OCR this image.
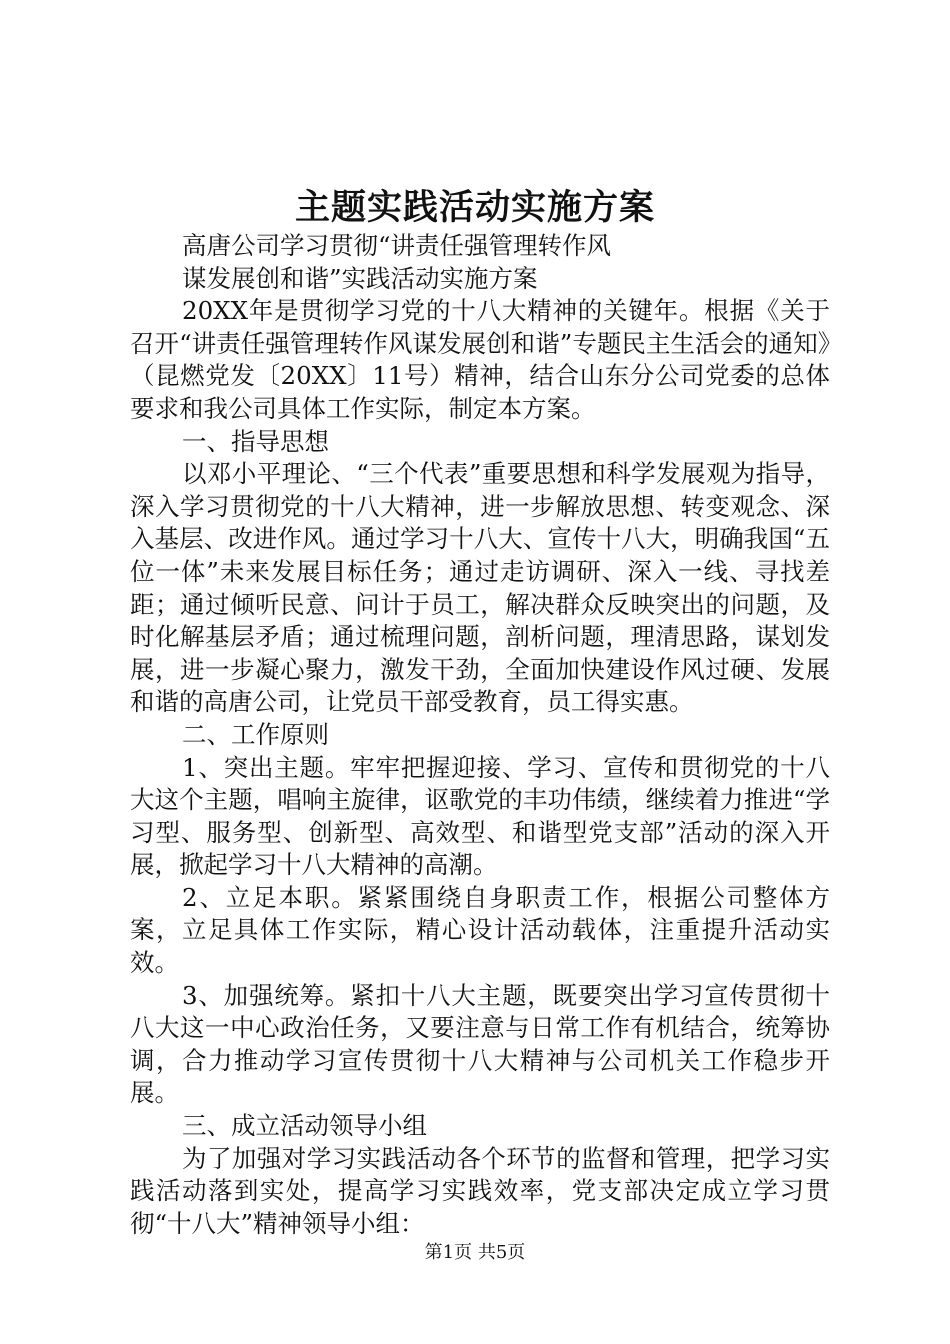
主题实践活动实施方案

高唐公司学习贯彻“讲责任强管理转作风

谋发展创和谐”实践活动实施方案

20XX年是贯彻学习党的十八大精神的关键年。根据《关于召开“讲责任强管理转作风谋发展创和谐”专题民主生活会的通知》（昆燃党发〔20XX〕11号）精神，结合山东分公司党委的总体要求和我公司具体工作实际，制定本方案。

一、指导思想

以邓小平理论、“三个代表”重要思想和科学发展观为指导，深入学习贯彻党的十八大精神，进一步解放思想、转变观念、深入基层、改进作风。通过学习十八大、宣传十八大，明确我国“五位一体”未来发展目标任务；通过走访调研、深入一线、寻找差距；通过倾听民意、问计于员工，解决群众反映突出的问题，及时化解基层矛盾；通过梳理问题，剖析问题，理清思路，谋划发展，进一步凝心聚力，激发干劲，全面加快建设作风过硬、发展和谐的高唐公司，让党员干部受教育，员工得实惠。

二、工作原则

1、突出主题。牢牢把握迎接、学习、宣传和贯彻党的十八大这个主题，唱响主旋律，讴歌党的丰功伟绩，继续着力推进“学习型、服务型、创新型、高效型、和谐型党支部”活动的深入开展，掀起学习十八大精神的高潮。

2、立足本职。紧紧围绕自身职责工作，根据公司整体方案，立足具体工作实际，精心设计活动载体，注重提升活动实效。

3、加强统筹。紧扣十八大主题，既要突出学习宣传贯彻十八大这一中心政治任务，又要注意与日常工作有机结合，统筹协调，合力推动学习宣传贯彻十八大精神与公司机关工作稳步开展。

三、成立活动领导小组

为了加强对学习实践活动各个环节的监督和管理，把学习实践活动落到实处，提高学习实践效率，党支部决定成立学习贯彻“十八大”精神领导小组：

第1页 共5页
